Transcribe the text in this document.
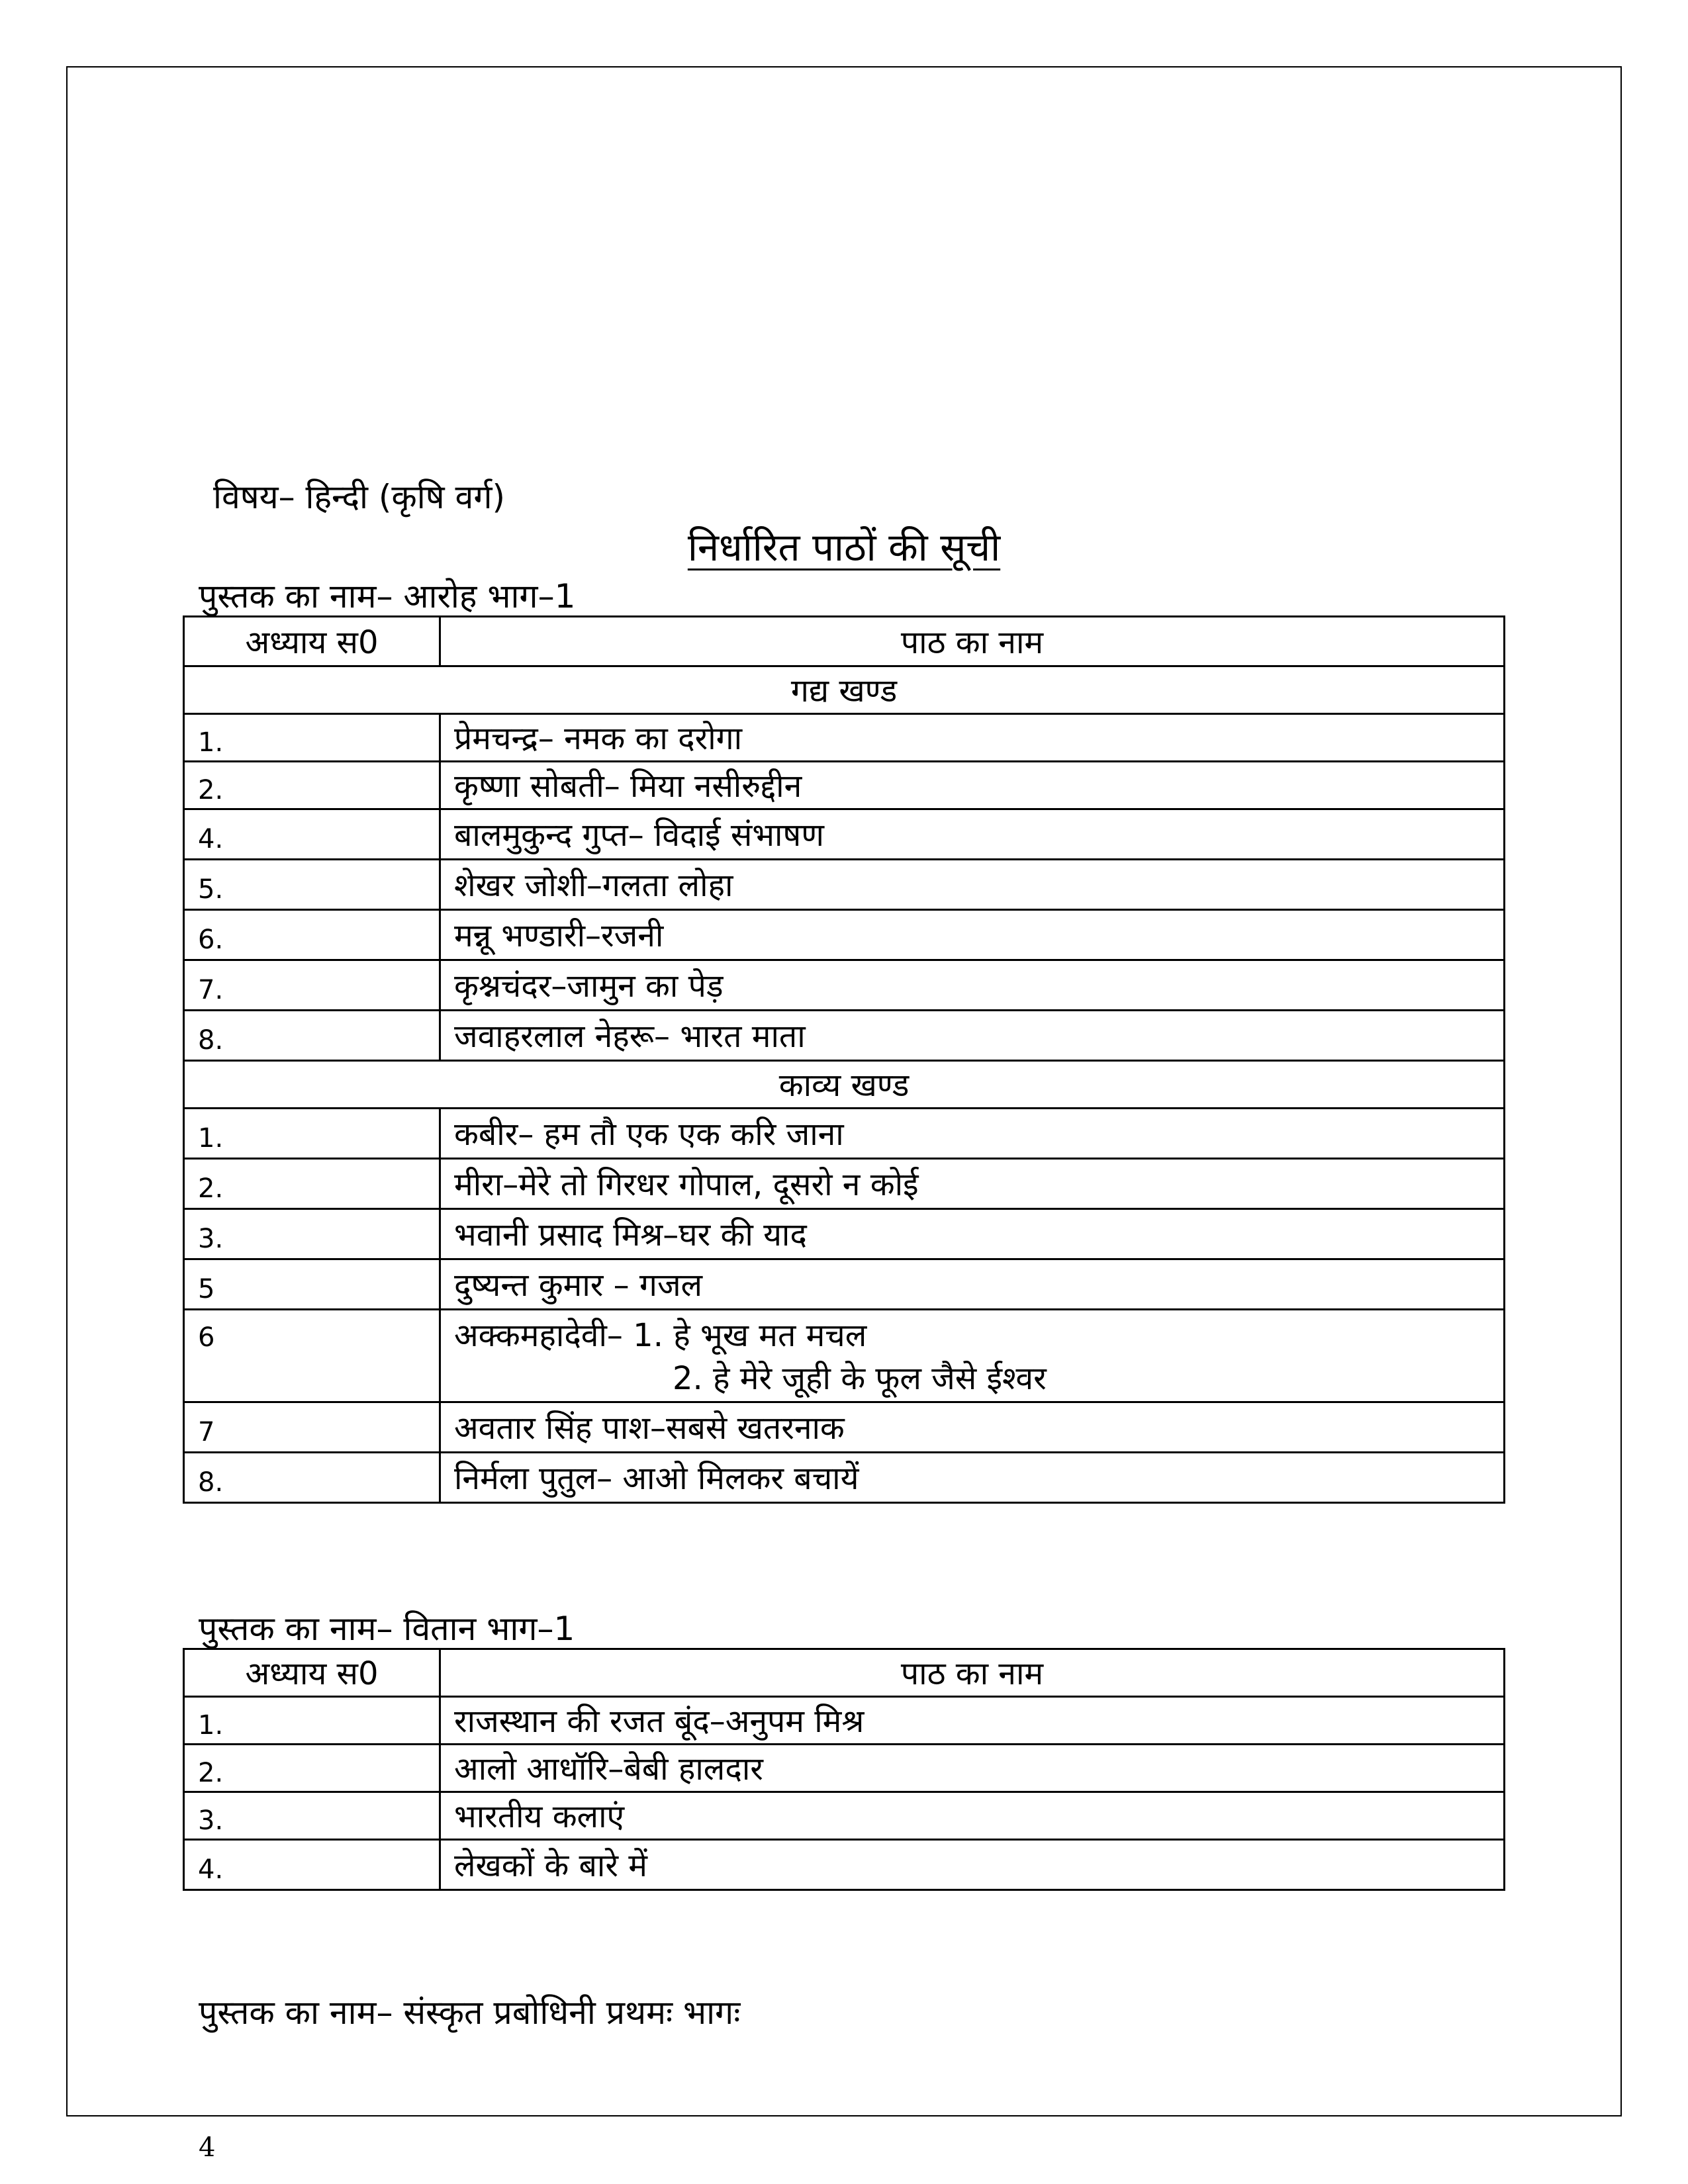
विषय– हिन्दी (कृषि वर्ग)
निर्धारित पाठों की सूची
पुस्तक का नाम– आरोह भाग–1
अध्याय स0	पाठ का नाम
गद्य खण्ड	
1.	प्रेमचन्द्र– नमक का दरोगा
2.	कृष्णा सोबती– मिया नसीरुद्दीन
4.	बालमुकुन्द गुप्त– विदाई संभाषण
5.	शेखर जोशी–गलता लोहा
6.	मन्नू भण्डारी–रजनी
7.	कृश्नचंदर–जामुन का पेड़
8.	जवाहरलाल नेहरू– भारत माता
काव्य खण्ड	
1.	कबीर– हम तौ एक एक करि जाना
2.	मीरा–मेरे तो गिरधर गोपाल, दूसरो न कोई
3.	भवानी प्रसाद मिश्र–घर की याद
5	दुष्यन्त कुमार – गजल
6	अक्कमहादेवी– 1. हे भूख मत मचल
2. हे मेरे जूही के फूल जैसे ईश्वर

7	अवतार सिंह पाश–सबसे खतरनाक
8.	निर्मला पुतुल– आओ मिलकर बचायें
पुस्तक का नाम– वितान भाग–1
अध्याय स0	पाठ का नाम
1.	राजस्थान की रजत बूंद–अनुपम मिश्र
2.	आलो आधॉरि–बेबी हालदार
3.	भारतीय कलाएं
4.	लेखकों के बारे में
पुस्तक का नाम– संस्कृत प्रबोधिनी प्रथमः भागः
4
